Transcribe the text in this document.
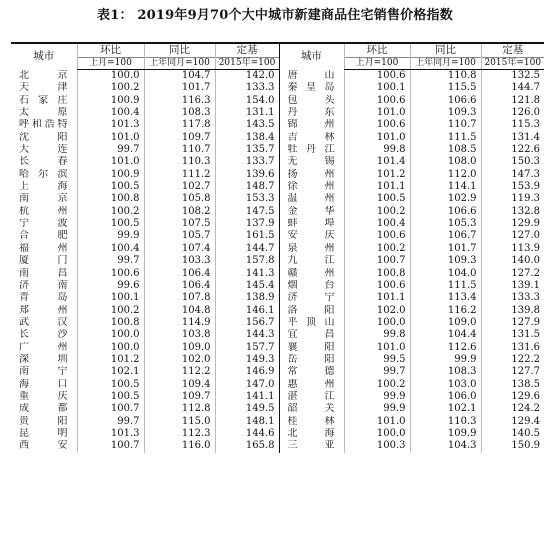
表1： 2019年9月70个大中城市新建商品住宅销售价格指数
城市	环比	同比	定基	城市	环比	同比	定基
	上月=100	上年同月=100	2015年=100		上月=100	上年同月=100	2015年=100
北京	100.0	104.7	142.0	唐山	100.6	110.8	132.5
天津	100.2	101.7	133.3	秦皇岛	100.1	115.5	144.7
石家庄	100.9	116.3	154.0	包头	100.6	106.6	121.8
太原	100.4	108.3	131.1	丹东	101.0	109.3	126.0
呼和浩特	101.3	117.8	143.5	锦州	100.6	110.7	115.3
沈阳	101.0	109.7	138.4	吉林	101.0	111.5	131.4
大连	99.7	110.7	135.7	牡丹江	99.8	108.5	122.6
长春	101.0	110.3	133.7	无锡	101.4	108.0	150.3
哈尔滨	100.9	111.2	139.6	扬州	101.2	112.0	147.3
上海	100.5	102.7	148.7	徐州	101.1	114.1	153.9
南京	100.8	105.8	153.3	温州	100.5	102.9	119.3
杭州	100.2	108.2	147.5	金华	100.2	106.6	132.8
宁波	100.5	107.5	137.9	蚌埠	100.4	105.3	129.9
合肥	99.9	105.7	161.5	安庆	100.6	106.7	127.0
福州	100.4	107.4	144.7	泉州	100.2	101.7	113.9
厦门	99.7	103.3	157.8	九江	100.7	109.3	140.0
南昌	100.6	106.4	141.3	赣州	100.8	104.0	127.2
济南	99.6	106.4	145.4	烟台	100.6	111.5	139.1
青岛	100.1	107.8	138.9	济宁	101.1	113.4	133.3
郑州	100.2	104.8	146.1	洛阳	102.0	116.2	139.8
武汉	100.8	114.9	156.7	平顶山	100.0	109.0	127.9
长沙	100.0	103.8	144.3	宜昌	99.8	104.4	131.5
广州	100.0	109.0	157.7	襄阳	101.0	112.6	131.6
深圳	101.2	102.0	149.3	岳阳	99.5	99.9	122.2
南宁	102.1	112.2	146.9	常德	99.7	108.3	127.7
海口	100.5	109.4	147.0	惠州	100.2	103.0	138.5
重庆	100.5	109.7	141.1	湛江	99.9	106.0	129.6
成都	100.7	112.8	149.5	韶关	99.9	102.1	124.2
贵阳	99.7	115.0	148.1	桂林	101.0	110.3	129.4
昆明	101.3	112.3	144.6	北海	100.0	109.9	140.5
西安	100.7	116.0	165.8	三亚	100.3	104.3	150.9
